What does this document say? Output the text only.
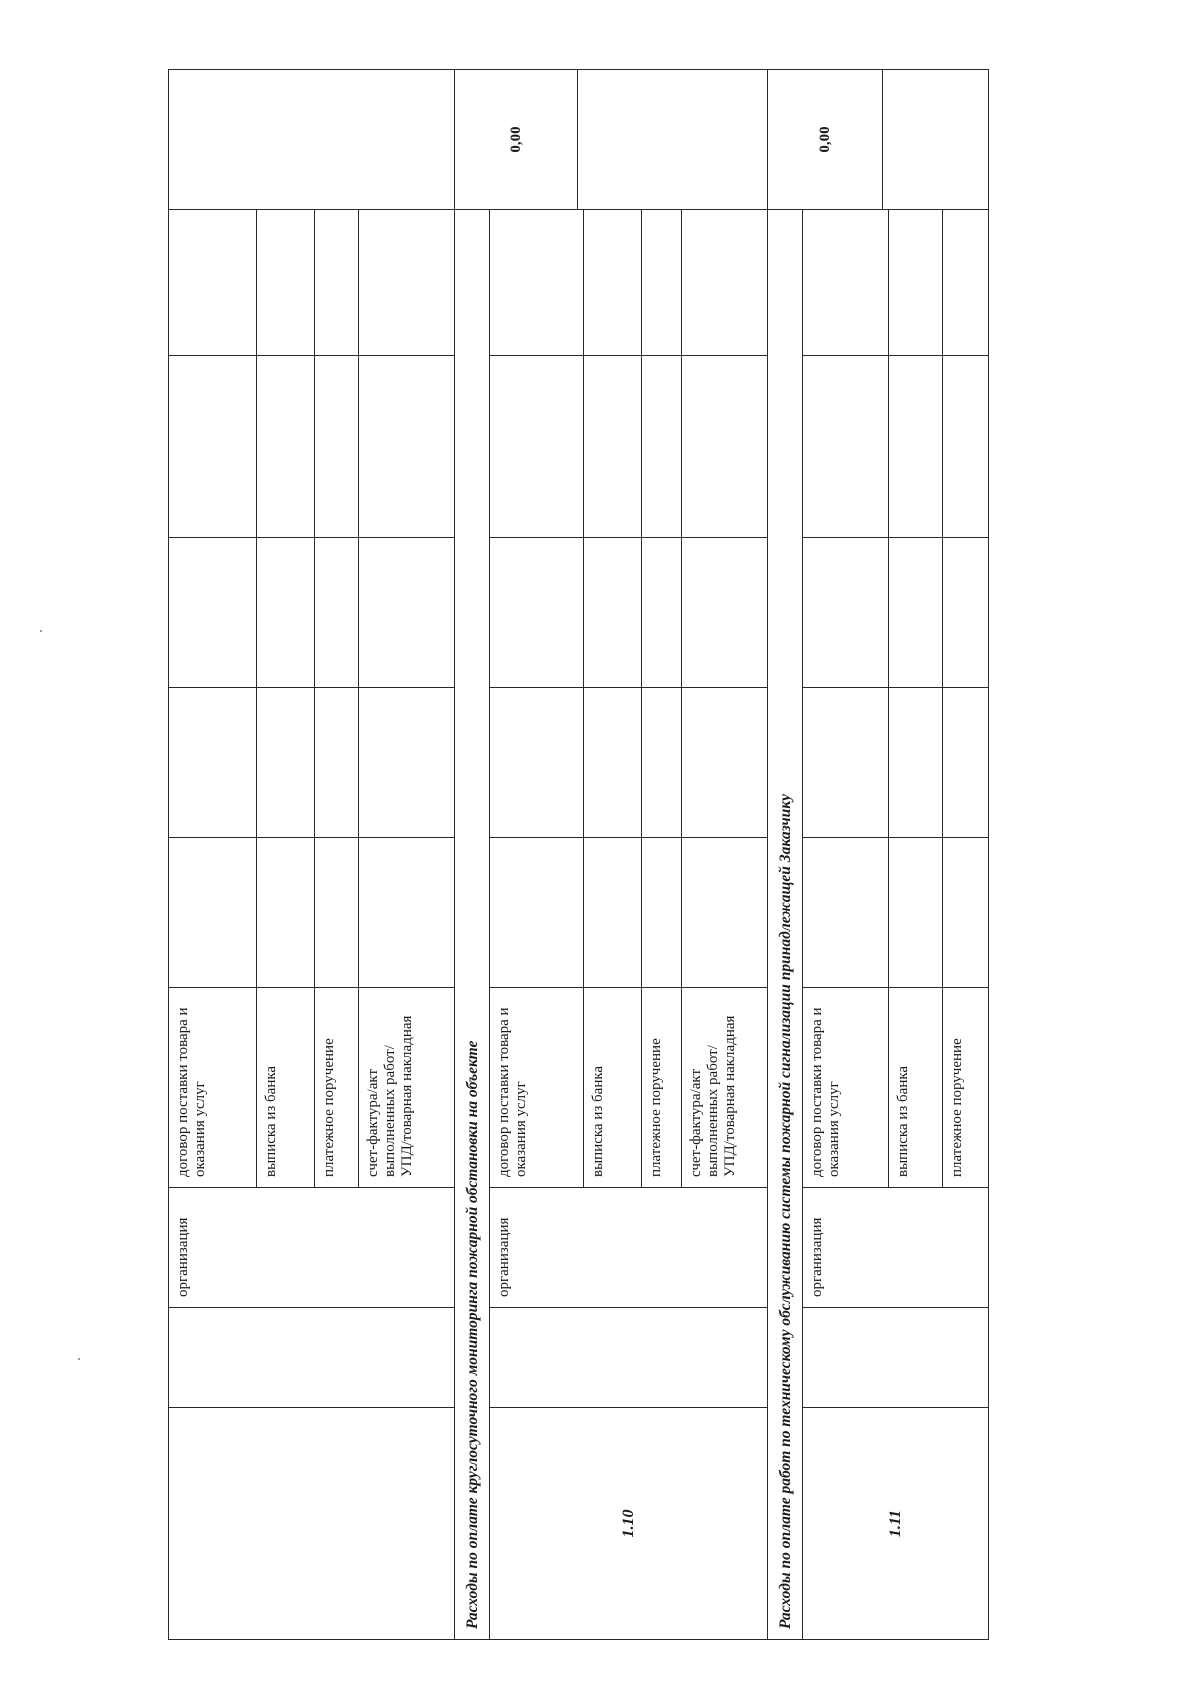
		организация	договор поставки товара и
оказания услуг						
			выписка из банка						
			платежное поручение						
			счет-фактура/акт
выполненных работ/
УПД/товарная накладная						
Расходы по оплате круглосуточного мониторинга пожарной обстановки на объекте									0,00
1.10		организация	договор поставки товара и
оказания услуг						

			выписка из банка						
			платежное поручение						
			счет-фактура/акт
выполненных работ/
УПД/товарная накладная						
Расходы по оплате работ по техническому обслуживанию системы пожарной сигнализации принадлежащей Заказчику									0,00
1.11		организация	договор поставки товара и
оказания услуг						

			выписка из банка						
			платежное поручение						
